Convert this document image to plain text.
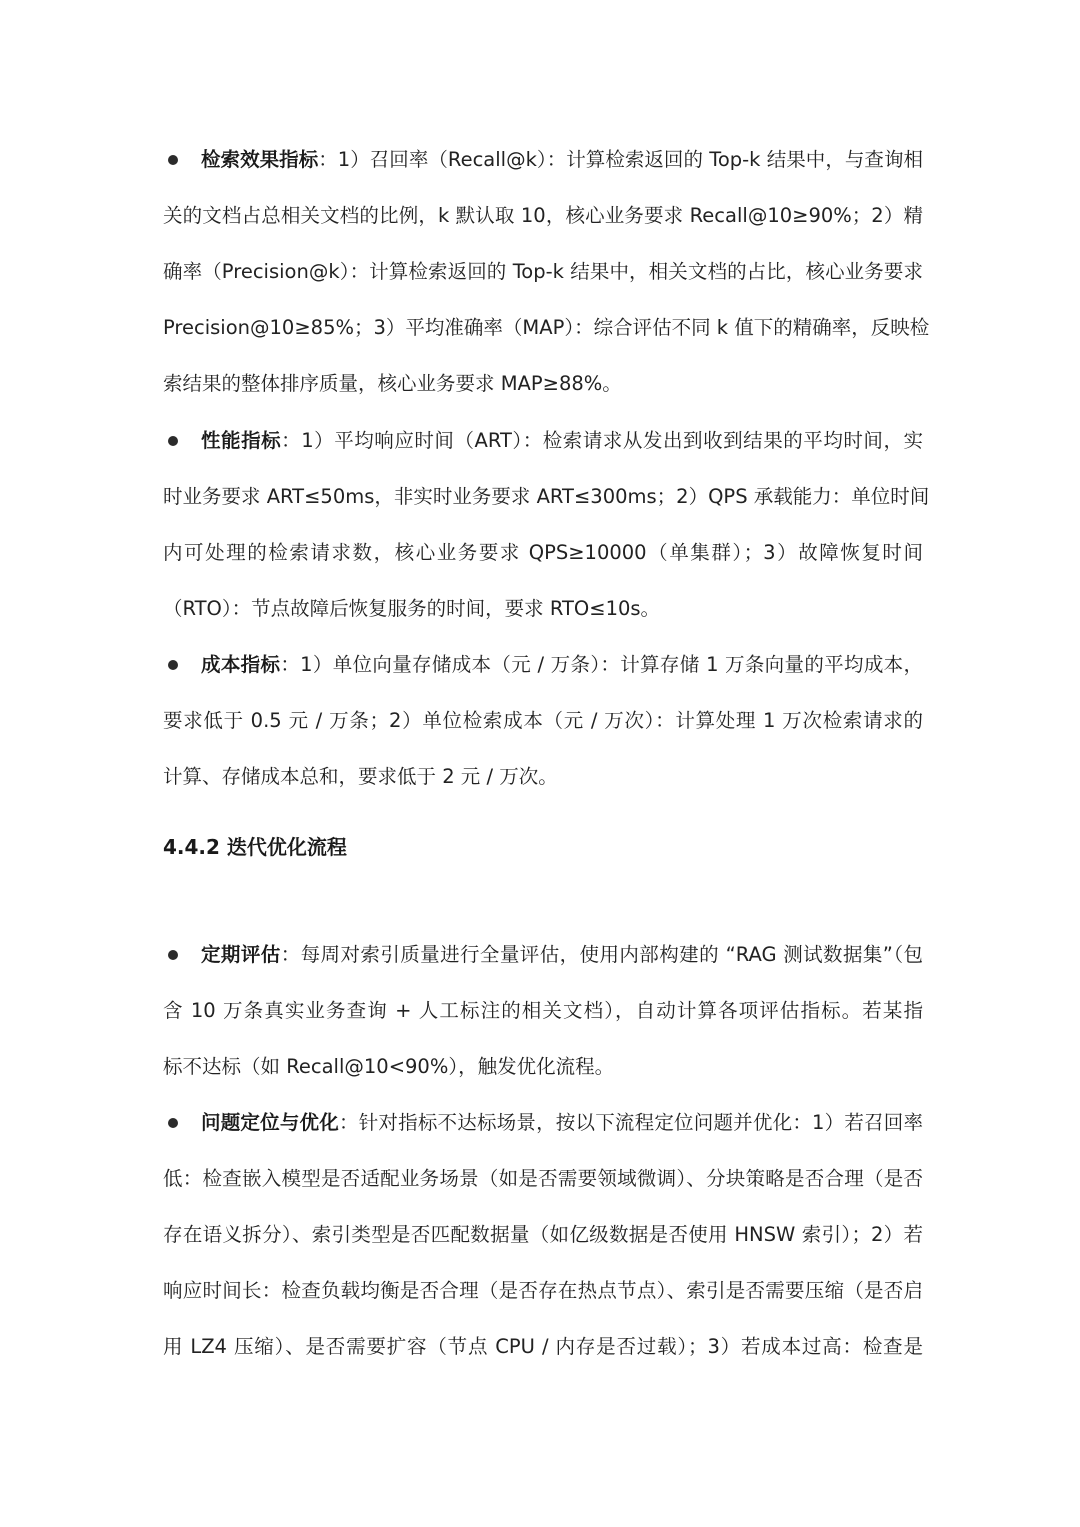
检索效果指标：1）召回率（Recall@k）：计算检索返回的 Top-k 结果中，与查询相
关的文档占总相关文档的比例，k 默认取 10，核心业务要求 Recall@10≥90%；2）精
确率（Precision@k）：计算检索返回的 Top-k 结果中，相关文档的占比，核心业务要求
Precision@10≥85%；3）平均准确率（MAP）：综合评估不同 k 值下的精确率，反映检
索结果的整体排序质量，核心业务要求 MAP≥88%。
性能指标：1）平均响应时间（ART）：检索请求从发出到收到结果的平均时间，实
时业务要求 ART≤50ms，非实时业务要求 ART≤300ms；2）QPS 承载能力：单位时间
内可处理的检索请求数，核心业务要求 QPS≥10000（单集群）；3）故障恢复时间
（RTO）：节点故障后恢复服务的时间，要求 RTO≤10s。
成本指标：1）单位向量存储成本（元 / 万条）：计算存储 1 万条向量的平均成本，
要求低于 0.5 元 / 万条；2）单位检索成本（元 / 万次）：计算处理 1 万次检索请求的
计算、存储成本总和，要求低于 2 元 / 万次。
4.4.2 迭代优化流程
定期评估：每周对索引质量进行全量评估，使用内部构建的 “RAG 测试数据集”（包
含 10 万条真实业务查询 + 人工标注的相关文档），自动计算各项评估指标。若某指
标不达标（如 Recall@10<90%），触发优化流程。
问题定位与优化：针对指标不达标场景，按以下流程定位问题并优化：1）若召回率
低：检查嵌入模型是否适配业务场景（如是否需要领域微调）、分块策略是否合理（是否
存在语义拆分）、索引类型是否匹配数据量（如亿级数据是否使用 HNSW 索引）；2）若
响应时间长：检查负载均衡是否合理（是否存在热点节点）、索引是否需要压缩（是否启
用 LZ4 压缩）、是否需要扩容（节点 CPU / 内存是否过载）；3）若成本过高：检查是
